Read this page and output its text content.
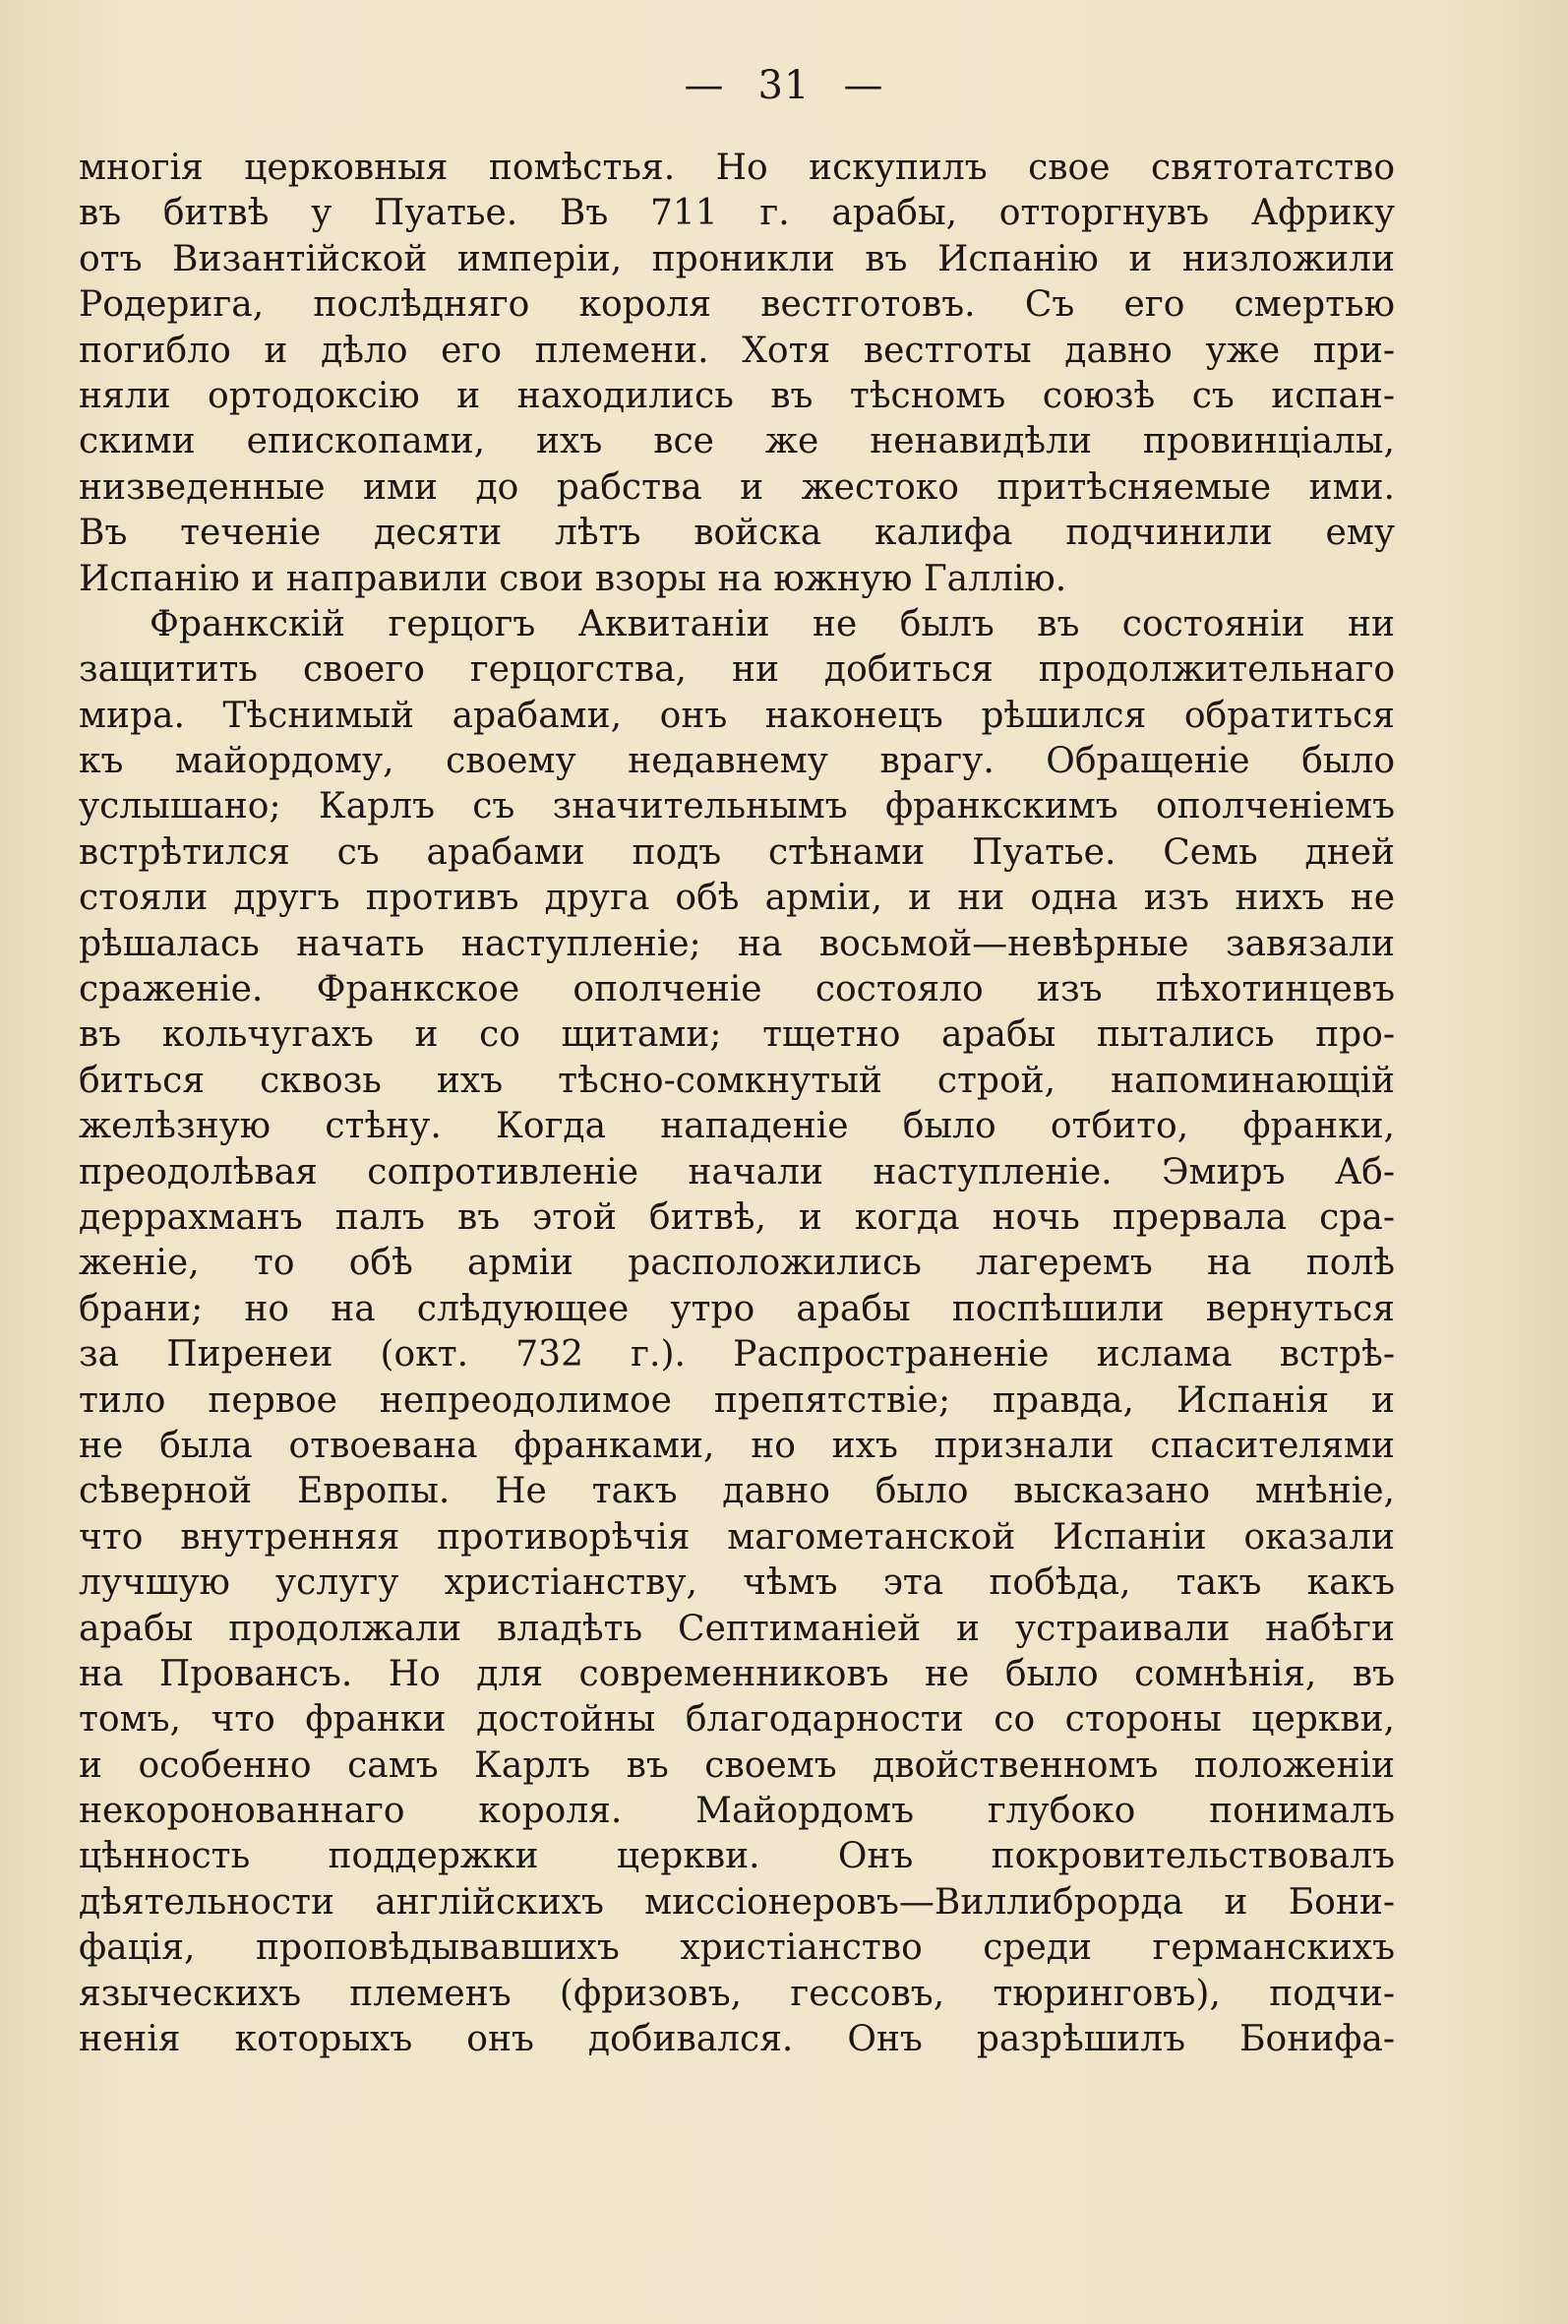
— 31 —
многія церковныя помѣстья. Но искупилъ свое святотатство
въ битвѣ у Пуатье. Въ 711 г. арабы, отторгнувъ Африку
отъ Византійской имперіи, проникли въ Испанію и низложили
Родерига, послѣдняго короля вестготовъ. Съ его смертью
погибло и дѣло его племени. Хотя вестготы давно уже при-
няли ортодоксію и находились въ тѣсномъ союзѣ съ испан-
скими епископами, ихъ все же ненавидѣли провинціалы,
низведенные ими до рабства и жестоко притѣсняемые ими.
Въ теченіе десяти лѣтъ войска калифа подчинили ему
Испанію и направили свои взоры на южную Галлію.
Франкскій герцогъ Аквитаніи не былъ въ состояніи ни
защитить своего герцогства, ни добиться продолжительнаго
мира. Тѣснимый арабами, онъ наконецъ рѣшился обратиться
къ майордому, своему недавнему врагу. Обращеніе было
услышано; Карлъ съ значительнымъ франкскимъ ополченіемъ
встрѣтился съ арабами подъ стѣнами Пуатье. Семь дней
стояли другъ противъ друга обѣ арміи, и ни одна изъ нихъ не
рѣшалась начать наступленіе; на восьмой—невѣрные завязали
сраженіе. Франкское ополченіе состояло изъ пѣхотинцевъ
въ кольчугахъ и со щитами; тщетно арабы пытались про-
биться сквозь ихъ тѣсно-сомкнутый строй, напоминающій
желѣзную стѣну. Когда нападеніе было отбито, франки,
преодолѣвая сопротивленіе начали наступленіе. Эмиръ Аб-
деррахманъ палъ въ этой битвѣ, и когда ночь прервала сра-
женіе, то обѣ арміи расположились лагеремъ на полѣ
брани; но на слѣдующее утро арабы поспѣшили вернуться
за Пиренеи (окт. 732 г.). Распространеніе ислама встрѣ-
тило первое непреодолимое препятствіе; правда, Испанія и
не была отвоевана франками, но ихъ признали спасителями
сѣверной Европы. Не такъ давно было высказано мнѣніе,
что внутренняя противорѣчія магометанской Испаніи оказали
лучшую услугу христіанству, чѣмъ эта побѣда, такъ какъ
арабы продолжали владѣть Септиманіей и устраивали набѣги
на Провансъ. Но для современниковъ не было сомнѣнія, въ
томъ, что франки достойны благодарности со стороны церкви,
и особенно самъ Карлъ въ своемъ двойственномъ положеніи
некоронованнаго короля. Майордомъ глубоко понималъ
цѣнность поддержки церкви. Онъ покровительствовалъ
дѣятельности англійскихъ миссіонеровъ—Виллиброрда и Бони-
фація, проповѣдывавшихъ христіанство среди германскихъ
языческихъ племенъ (фризовъ, гессовъ, тюринговъ), подчи-
ненія которыхъ онъ добивался. Онъ разрѣшилъ Бонифа-
